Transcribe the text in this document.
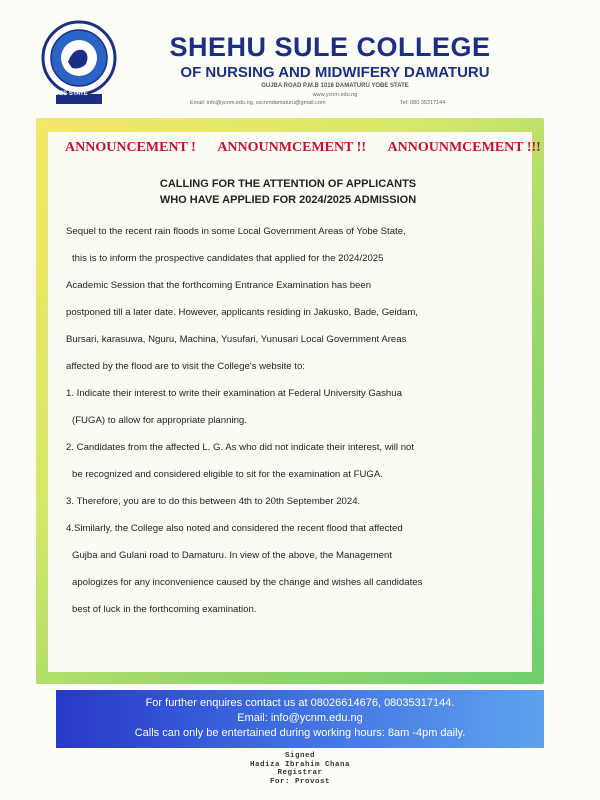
YOBE STATE
SHEHU SULE COLLEGE
OF NURSING AND MIDWIFERY DAMATURU
GUJBA ROAD P.M.B 1016 DAMATURU YOBE STATE
www.ycnm.edu.ng
Email: info@ycnm.edu.ng, sscnmdamaturu@gmail.com	Tel: 080 35317144
ANNOUNCEMENT ! ANNOUNMCEMENT !! ANNOUNMCEMENT !!!
CALLING FOR THE ATTENTION OF APPLICANTS
WHO HAVE APPLIED FOR 2024/2025 ADMISSION
Sequel to the recent rain floods in some Local Government Areas of Yobe State,
this is to inform the prospective candidates that applied for the 2024/2025
Academic Session that the forthcoming Entrance Examination has been
postponed till a later date. However, applicants residing in Jakusko, Bade, Geidam,
Bursari, karasuwa, Nguru, Machina, Yusufari, Yunusari Local Government Areas
affected by the flood are to visit the College's website to:
1. Indicate their interest to write their examination at Federal University Gashua
(FUGA) to allow for appropriate planning.
2. Candidates from the affected L. G. As who did not indicate their interest, will not
be recognized and considered eligible to sit for the examination at FUGA.
3. Therefore, you are to do this between 4th to 20th September 2024.
4.Similarly, the College also noted and considered the recent flood that affected
Gujba and Gulani road to Damaturu. In view of the above, the Management
apologizes for any inconvenience caused by the change and wishes all candidates
best of luck in the forthcoming examination.
For further enquires contact us at 08026614676, 08035317144.
Email: info@ycnm.edu.ng
Calls can only be entertained during working hours: 8am -4pm daily.
Signed
Hadiza Ibrahim Chana
Registrar
For: Provost
